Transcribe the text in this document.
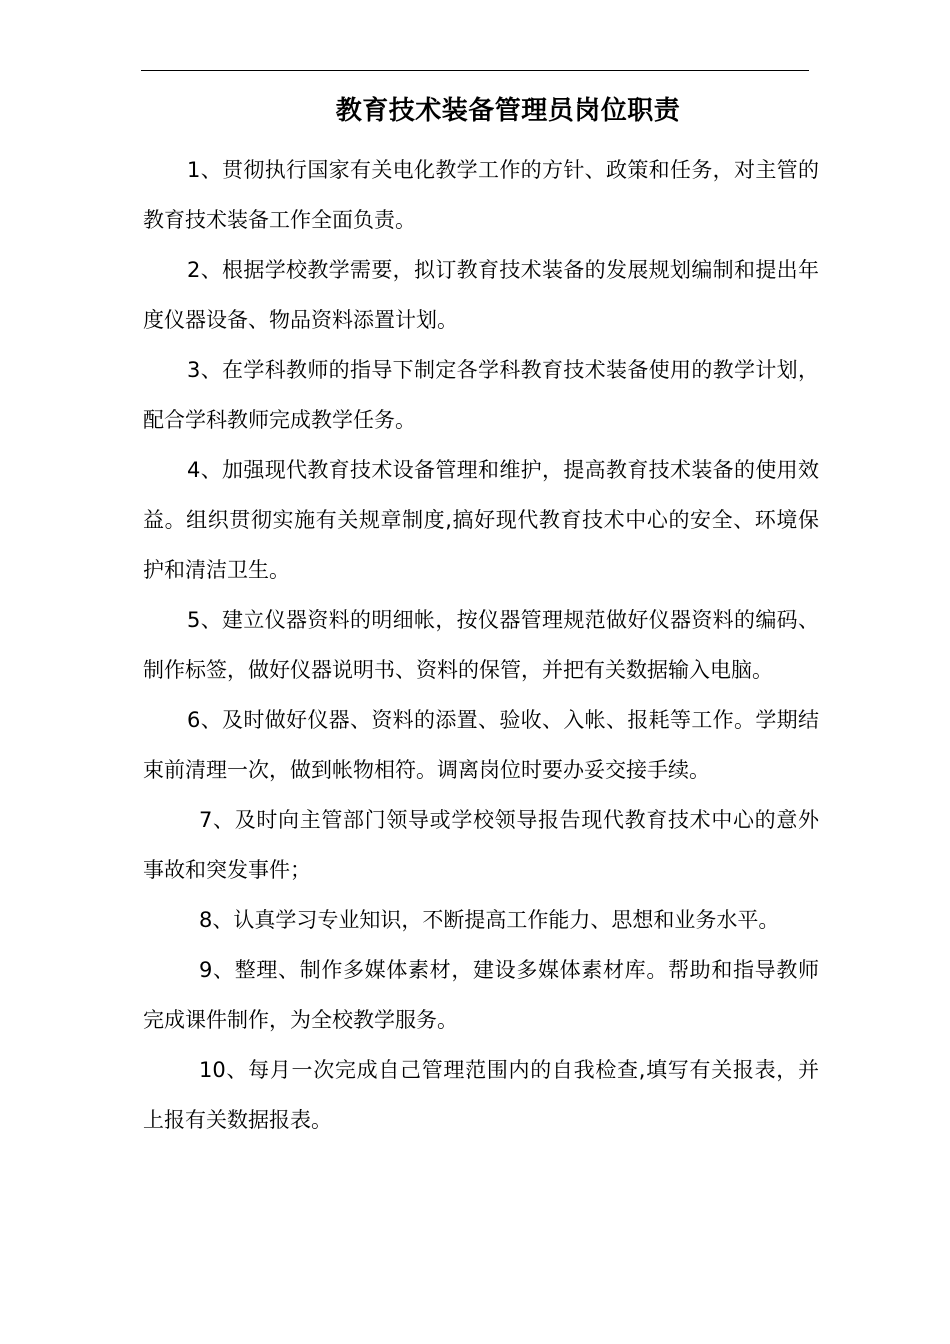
教育技术装备管理员岗位职责

1、贯彻执行国家有关电化教学工作的方针、政策和任务，对主管的教育技术装备工作全面负责。

2、根据学校教学需要，拟订教育技术装备的发展规划编制和提出年度仪器设备、物品资料添置计划。

3、在学科教师的指导下制定各学科教育技术装备使用的教学计划，配合学科教师完成教学任务。

4、加强现代教育技术设备管理和维护，提高教育技术装备的使用效益。组织贯彻实施有关规章制度,搞好现代教育技术中心的安全、环境保护和清洁卫生。

5、建立仪器资料的明细帐，按仪器管理规范做好仪器资料的编码、制作标签，做好仪器说明书、资料的保管，并把有关数据输入电脑。

6、及时做好仪器、资料的添置、验收、入帐、报耗等工作。学期结束前清理一次，做到帐物相符。调离岗位时要办妥交接手续。

7、及时向主管部门领导或学校领导报告现代教育技术中心的意外事故和突发事件；

8、认真学习专业知识，不断提高工作能力、思想和业务水平。

9、整理、制作多媒体素材，建设多媒体素材库。帮助和指导教师完成课件制作，为全校教学服务。

10、每月一次完成自己管理范围内的自我检查,填写有关报表，并上报有关数据报表。
